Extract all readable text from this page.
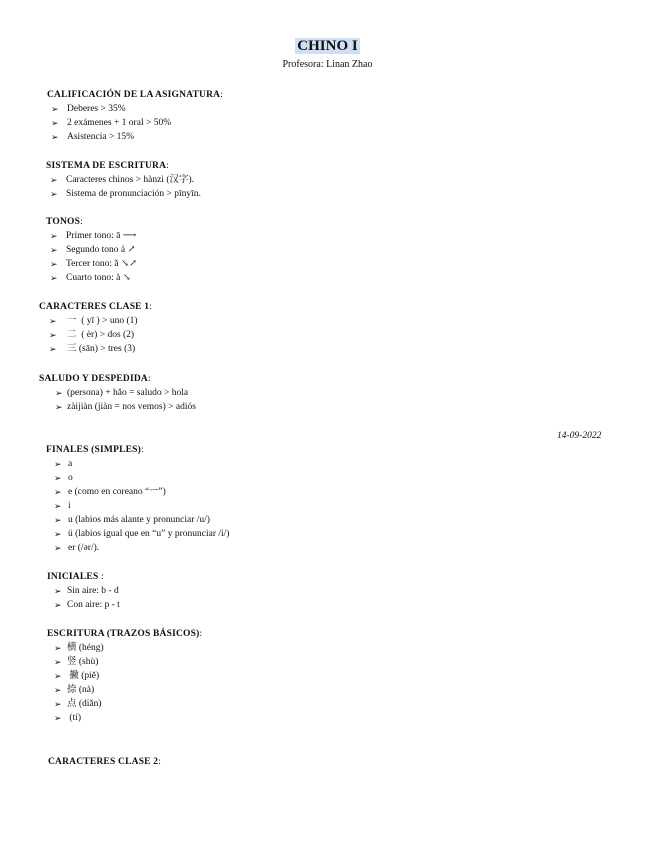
CHINO I
Profesora: Linan Zhao
CALIFICACIÓN DE LA ASIGNATURA:
➢ Deberes > 35%
➢ 2 exámenes + 1 oral > 50%
➢ Asistencia > 15%
SISTEMA DE ESCRITURA:
➢ Caracteres chinos > hànzì (汉字).
➢ Sistema de pronunciación > pīnyīn.
TONOS:
➢ Primer tono: ā ⟶
➢ Segundo tono á ↗
➢ Tercer tono: ǎ ↘↗
➢ Cuarto tono: à ↘
CARACTERES CLASE 1:
➢ 一  ( yī ) > uno (1)
➢ 二  ( èr) > dos (2)
➢ 三 (sān) > tres (3)
SALUDO Y DESPEDIDA:
➢ (persona) + hǎo = saludo > hola
➢ zàijiàn (jiàn = nos vemos) > adiós
14-09-2022
FINALES (SIMPLES):
➢ a
➢ o
➢ e (como en coreano “ㅡ”)
➢ i
➢ u (labios más alante y pronunciar /u/)
➢ ü (labios igual que en “u” y pronunciar /i/)
➢ er (/ər/).
INICIALES :
➢ Sin aire: b - d
➢ Con aire: p - t
ESCRITURA (TRAZOS BÁSICOS):
➢ 横 (héng)
➢ 竖 (shù)
➢ 撇 (piě)
➢ 捺 (nà)
➢ 点 (diǎn)
➢ (tí)
CARACTERES CLASE 2:
